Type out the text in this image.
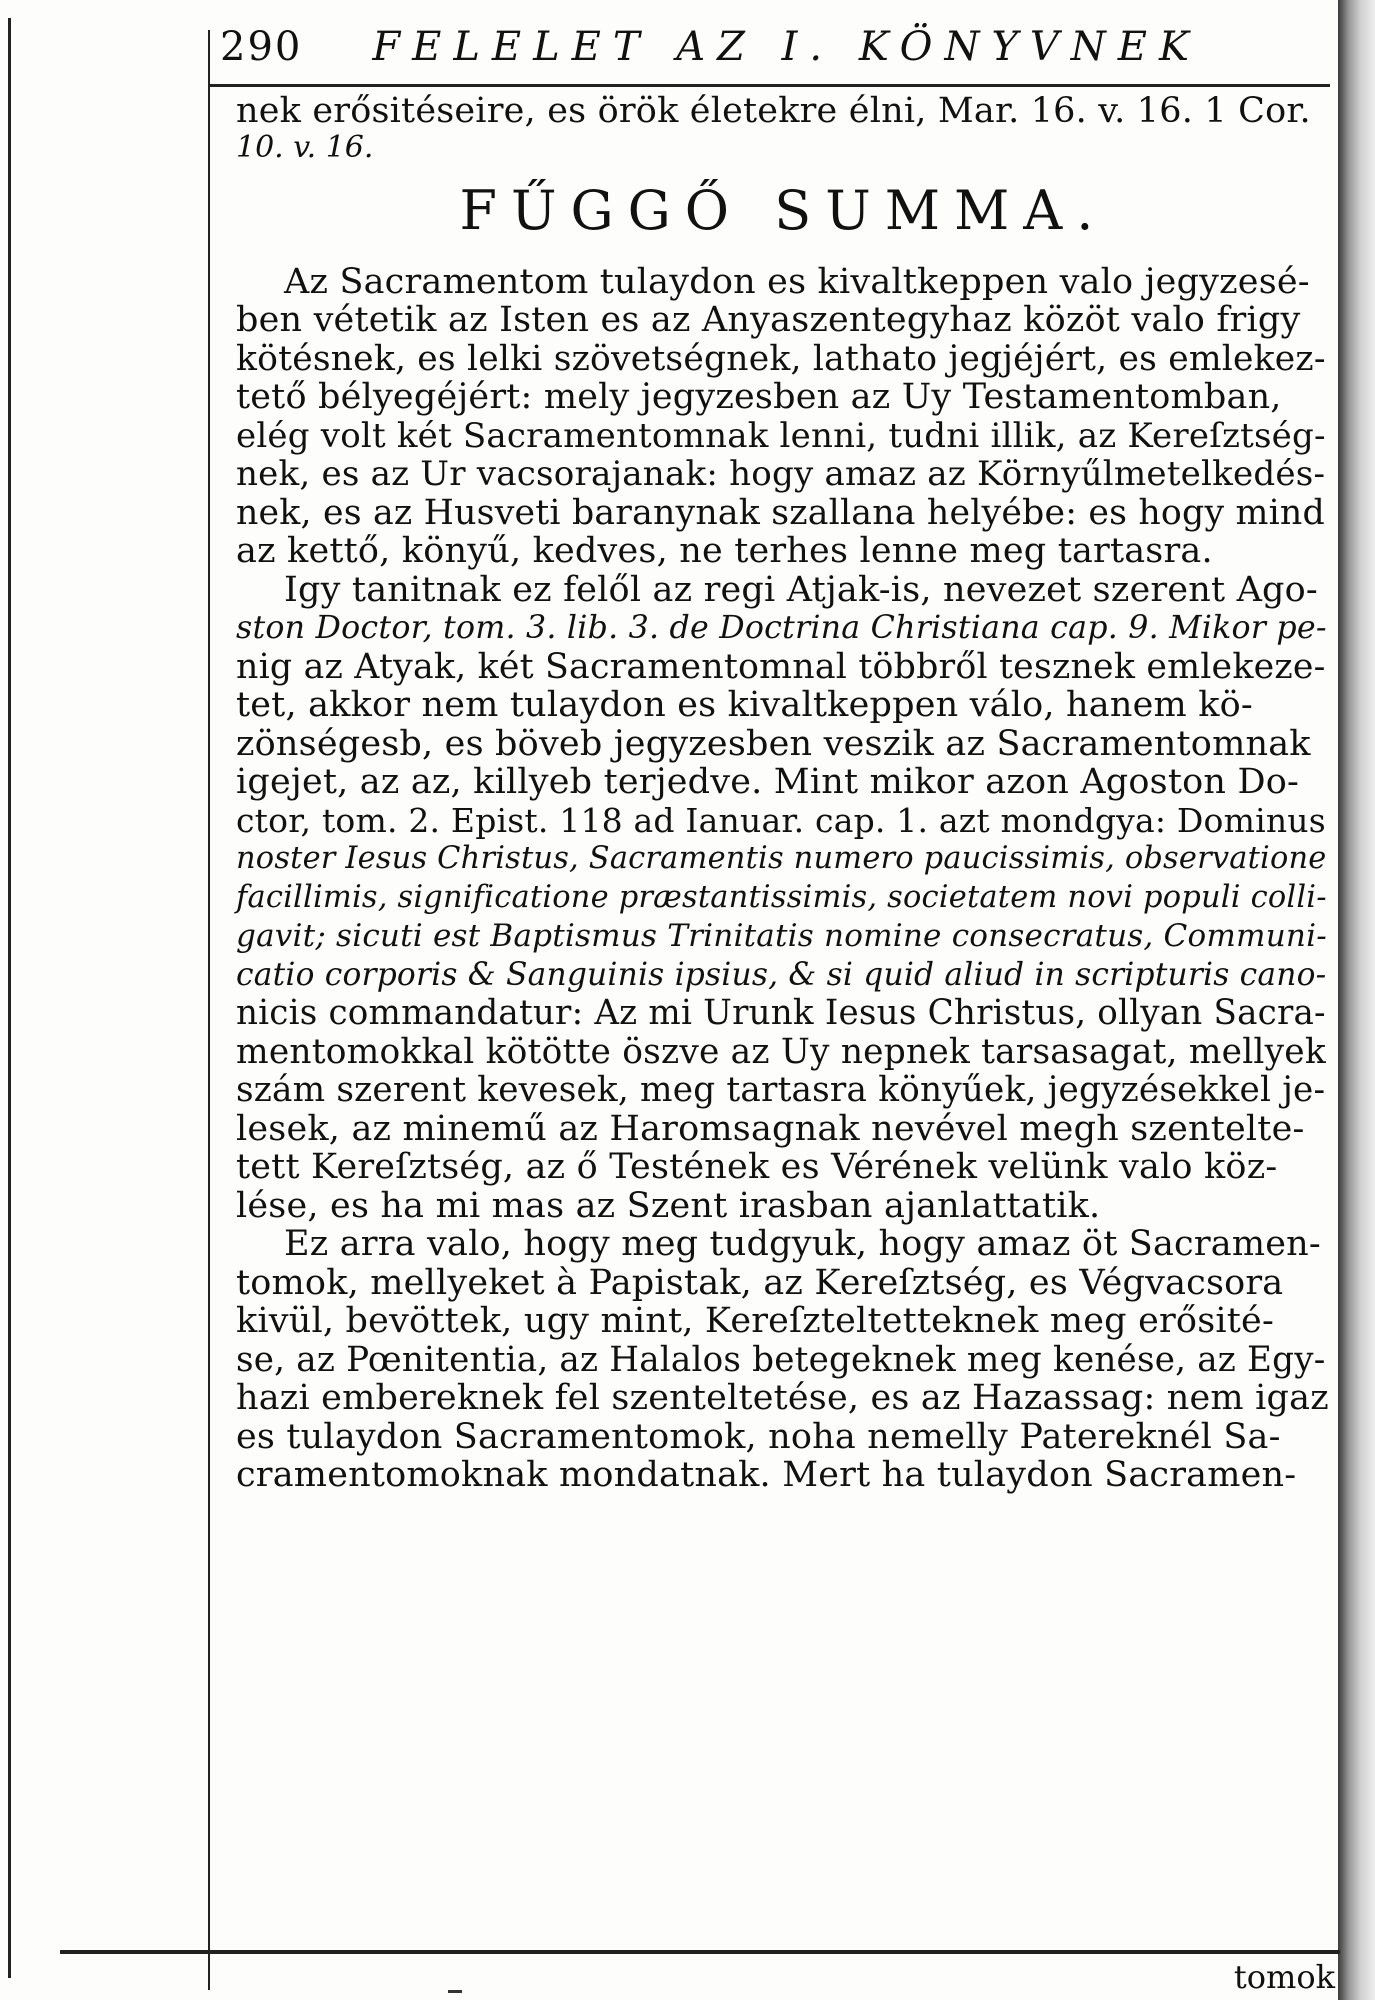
290 FELELET AZ I. KÖNYVNEK
nek erősitéseire, es örök életekre élni, Mar. 16. v. 16. 1 Cor.
10. v. 16.
FŰGGŐ SUMMA.
Az Sacramentom tulaydon es kivaltkeppen valo jegyzesé-
ben vétetik az Isten es az Anyaszentegyhaz közöt valo frigy
kötésnek, es lelki szövetségnek, lathato jegjéjért, es emlekez-
tető bélyegéjért: mely jegyzesben az Uy Testamentomban,
elég volt két Sacramentomnak lenni, tudni illik, az Kereſztség-
nek, es az Ur vacsorajanak: hogy amaz az Környűlmetelkedés-
nek, es az Husveti baranynak szallana helyébe: es hogy mind
az kettő, könyű, kedves, ne terhes lenne meg tartasra.
Igy tanitnak ez felől az regi Atjak-is, nevezet szerent Ago-
ston Doctor, tom. 3. lib. 3. de Doctrina Christiana cap. 9. Mikor pe-
nig az Atyak, két Sacramentomnal többről tesznek emlekeze-
tet, akkor nem tulaydon es kivaltkeppen válo, hanem kö-
zönségesb, es böveb jegyzesben veszik az Sacramentomnak
igejet, az az, killyeb terjedve. Mint mikor azon Agoston Do-
ctor, tom. 2. Epist. 118 ad Ianuar. cap. 1. azt mondgya: Dominus
noster Iesus Christus, Sacramentis numero paucissimis, observatione
facillimis, significatione præstantissimis, societatem novi populi colli-
gavit; sicuti est Baptismus Trinitatis nomine consecratus, Communi-
catio corporis & Sanguinis ipsius, & si quid aliud in scripturis cano-
nicis commandatur: Az mi Urunk Iesus Christus, ollyan Sacra-
mentomokkal kötötte öszve az Uy nepnek tarsasagat, mellyek
szám szerent kevesek, meg tartasra könyűek, jegyzésekkel je-
lesek, az minemű az Haromsagnak nevével megh szentelte-
tett Kereſztség, az ő Testének es Vérének velünk valo köz-
lése, es ha mi mas az Szent irasban ajanlattatik.
Ez arra valo, hogy meg tudgyuk, hogy amaz öt Sacramen-
tomok, mellyeket à Papistak, az Kereſztség, es Végvacsora
kivül, bevöttek, ugy mint, Kereſzteltetteknek meg erősité-
se, az Pœnitentia, az Halalos betegeknek meg kenése, az Egy-
hazi embereknek fel szenteltetése, es az Hazassag: nem igaz
es tulaydon Sacramentomok, noha nemelly Patereknél Sa-
cramentomoknak mondatnak. Mert ha tulaydon Sacramen-
tomok
